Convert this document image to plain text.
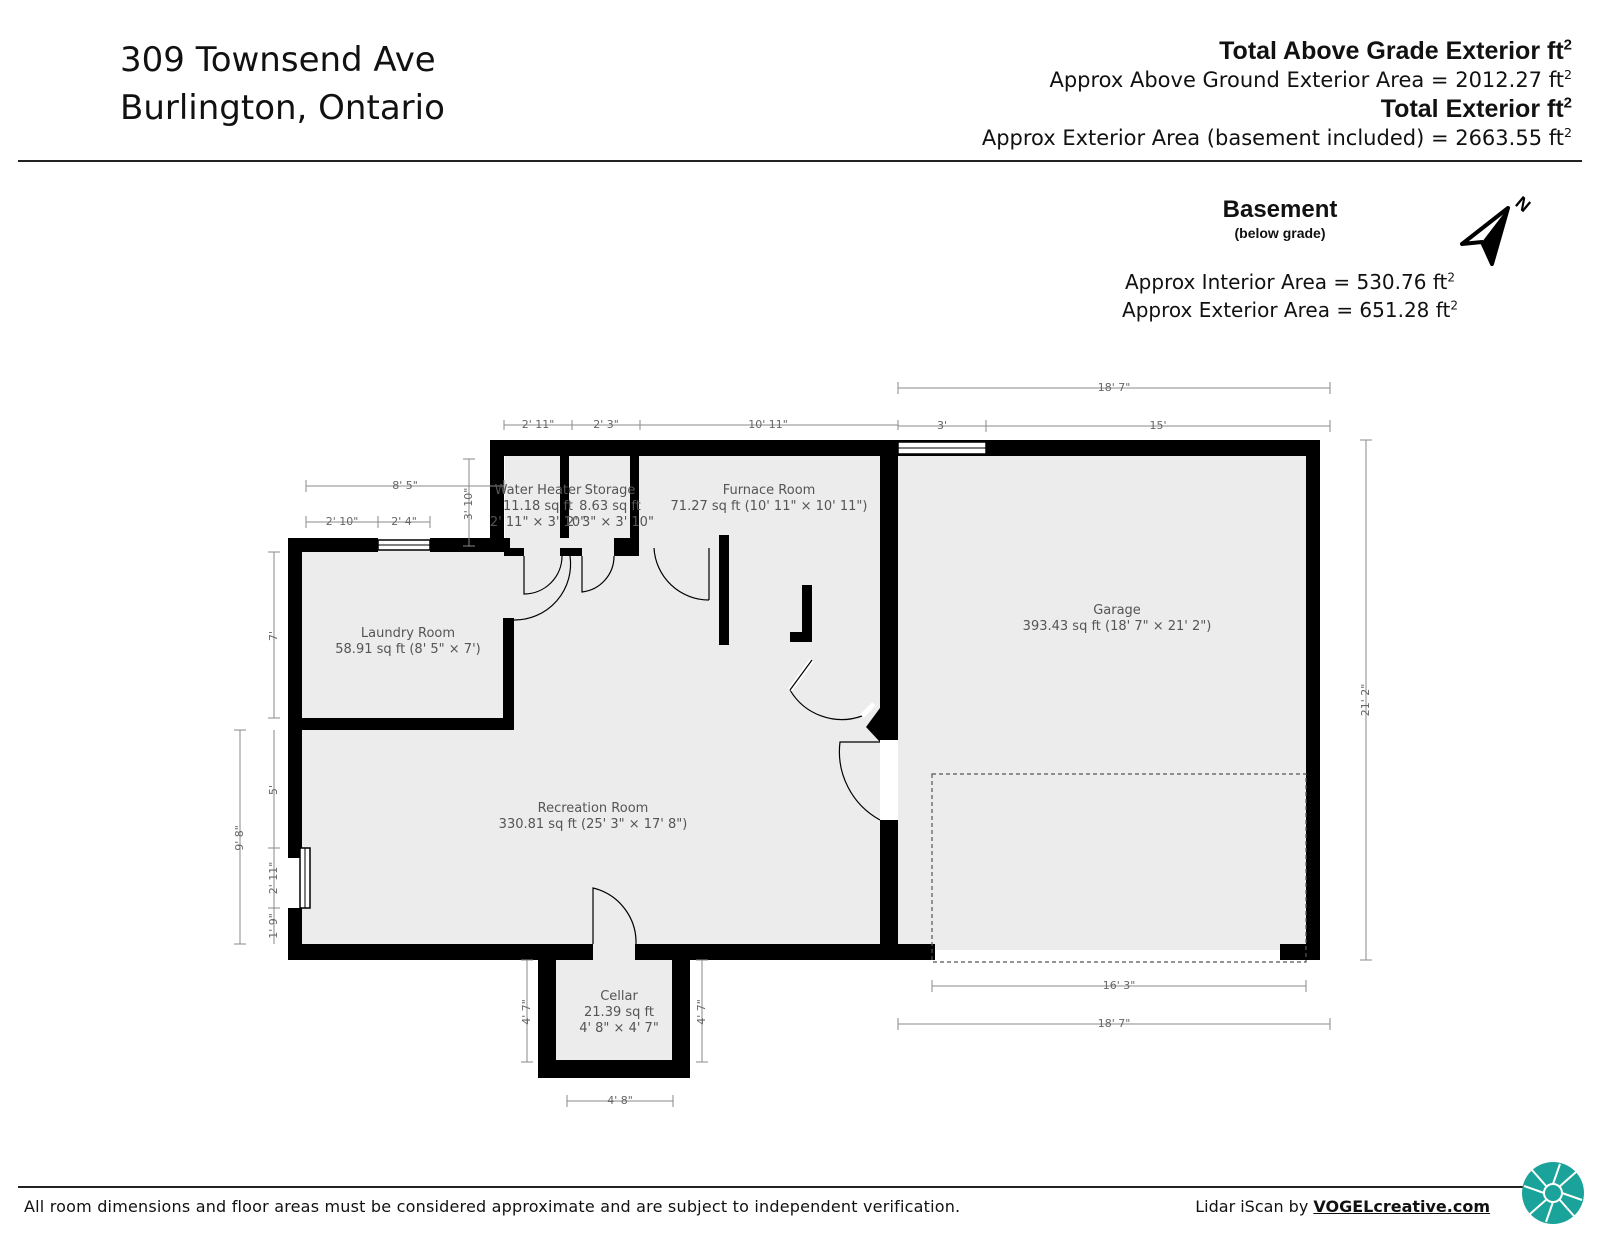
309 Townsend Ave
Burlington, Ontario
Total Above Grade Exterior $ft^2$
Approx Above Ground Exterior Area = 2012.27 $ft^2$
Total Exterior $ft^2$
Approx Exterior Area (basement included) = 2663.55 $ft^2$
Basement
(below grade)
Approx Interior Area = 530.76 $ft^2$
Approx Exterior Area = 651.28 $ft^2$
N
2' 11"	2' 3"	10' 11"
18' 7"
3'	15'
8' 5"
2' 10"	2' 4"
3' 10"
7'
9' 8"
5'
2' 11"
1' 9"
4' 7"	4' 7"
4' 8"
16' 3"
18' 7"
21' 2"
Water Heater
11.18 sq ft
2' 11" × 3' 10"
Storage
8.63 sq ft
2' 3" × 3' 10"
Furnace Room
71.27 sq ft (10' 11" × 10' 11")
Laundry Room
58.91 sq ft (8' 5" × 7')
Recreation Room
330.81 sq ft (25' 3" × 17' 8")
Garage
393.43 sq ft (18' 7" × 21' 2")
Cellar
21.39 sq ft
4' 8" × 4' 7"
All room dimensions and floor areas must be considered approximate and are subject to independent verification.	Lidar iScan by VOGELcreative.com
